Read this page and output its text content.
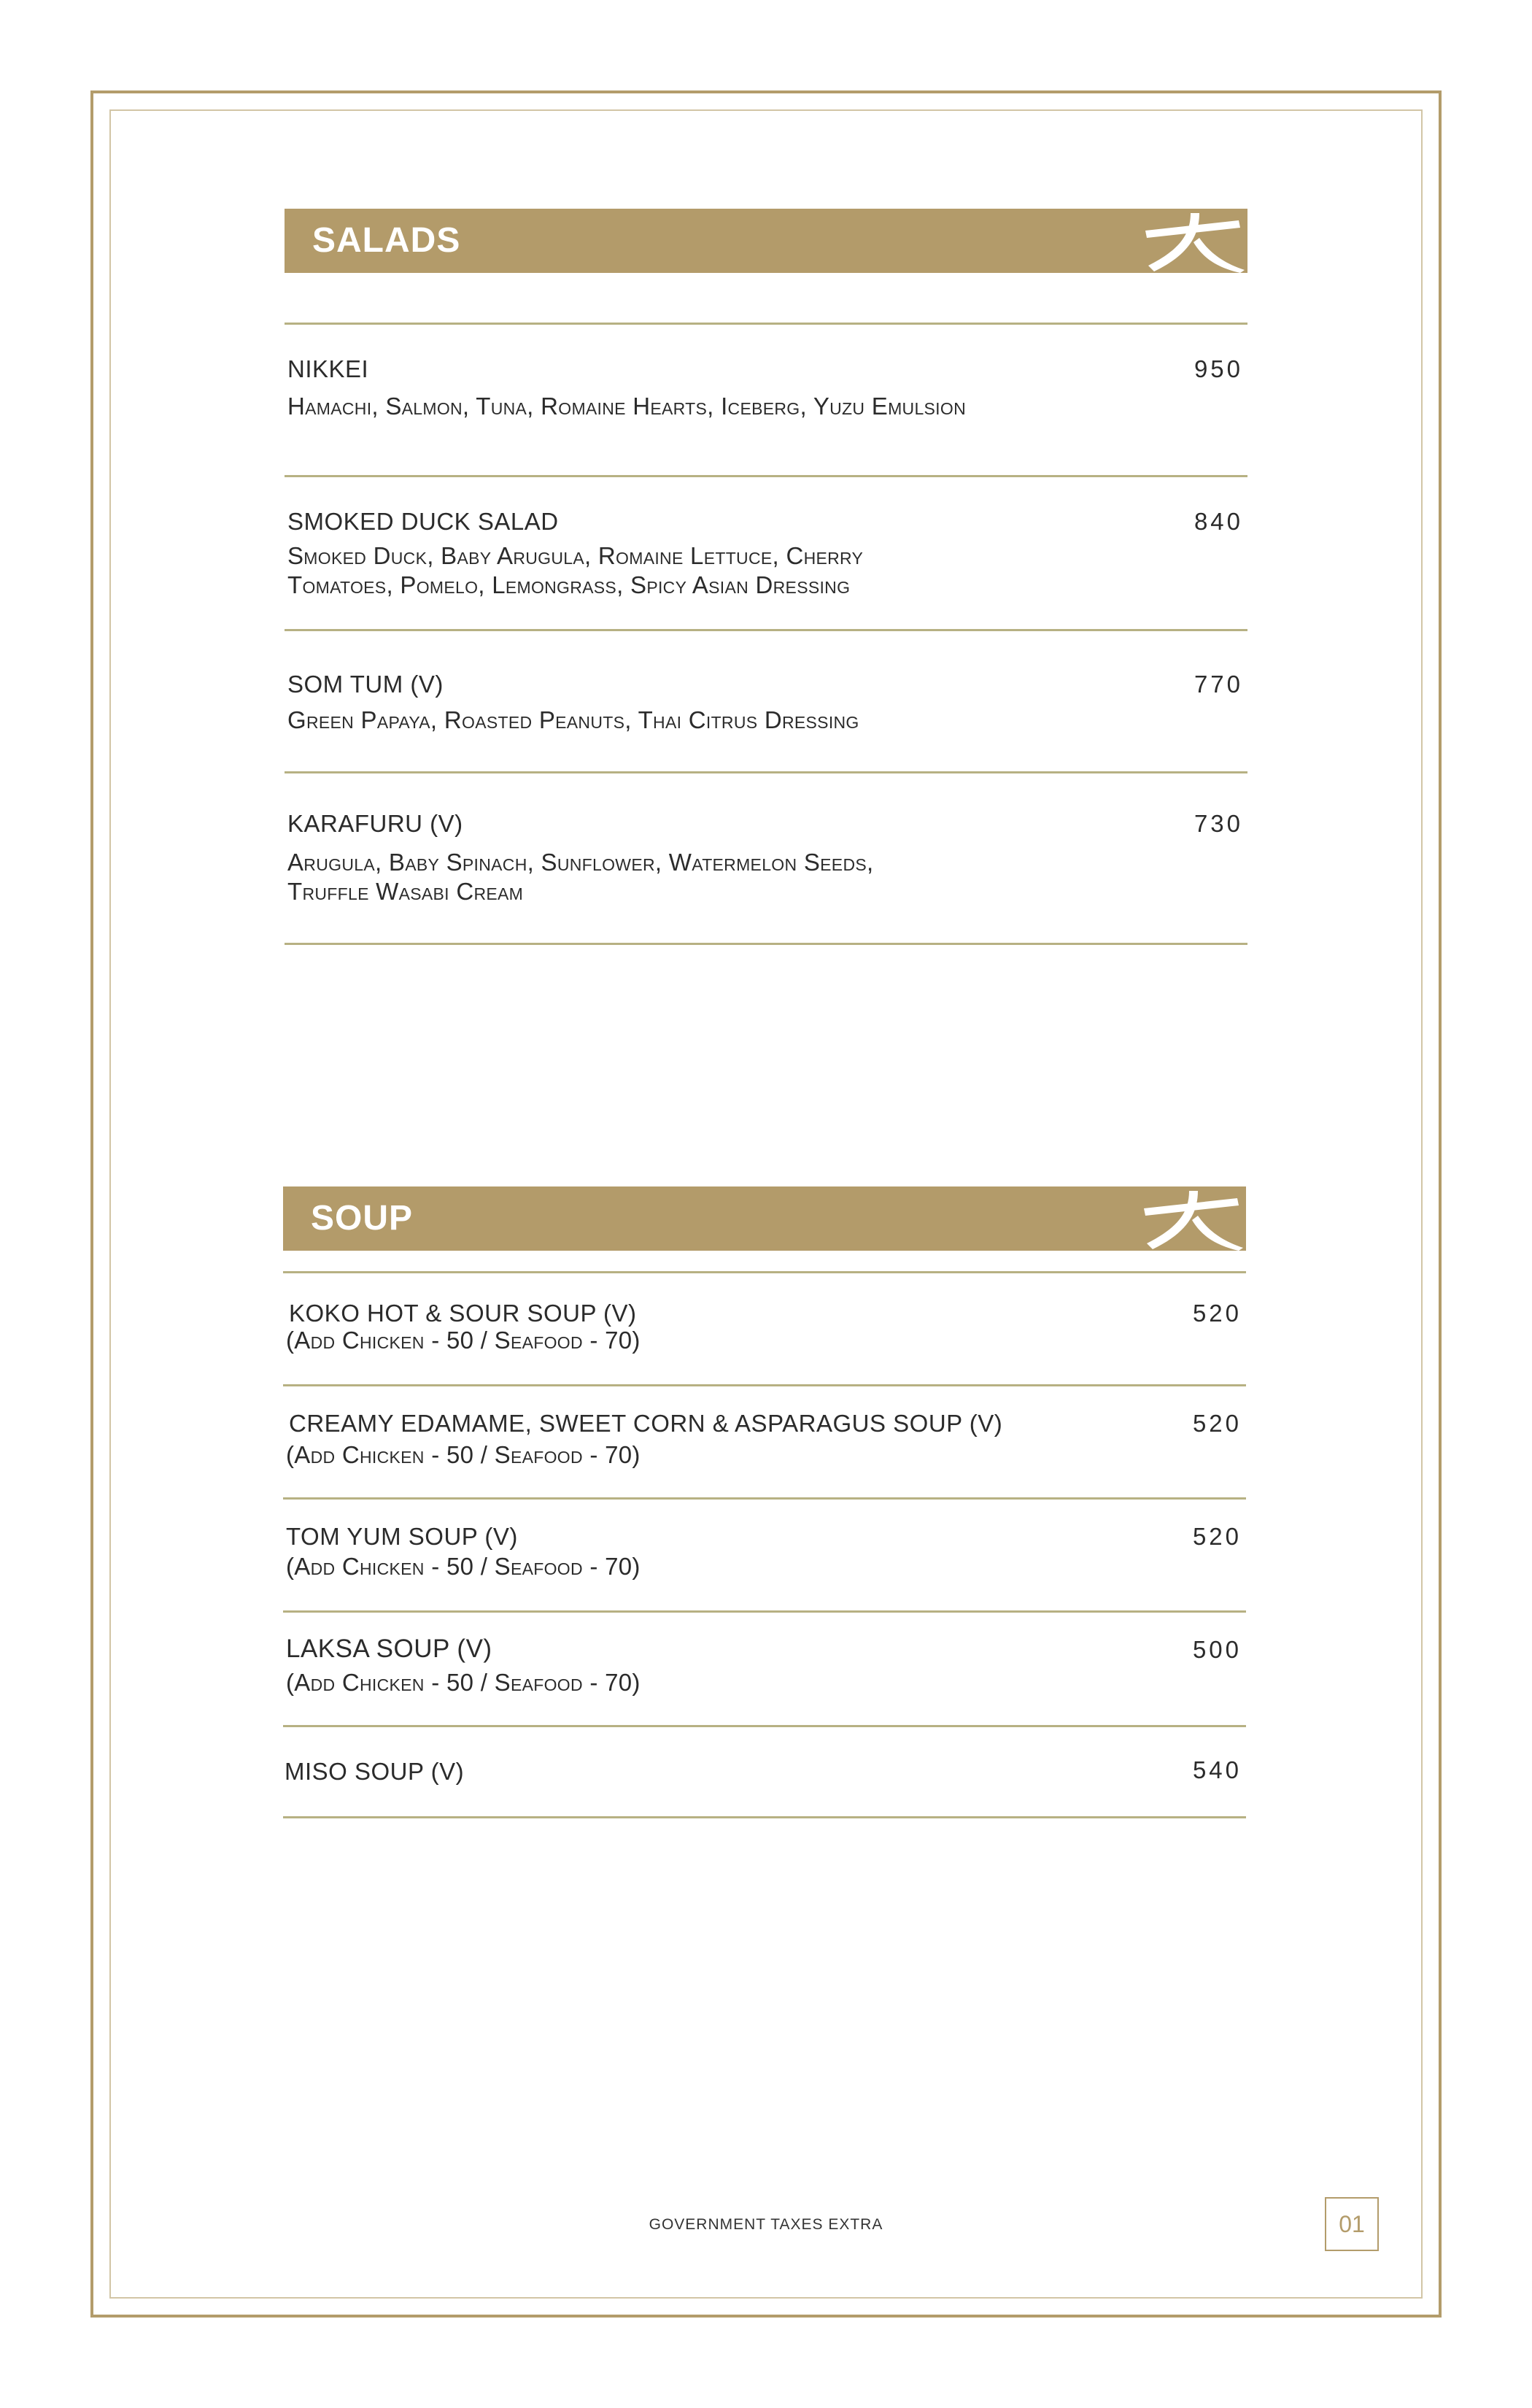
SALADS
NIKKEI	950
Hamachi, Salmon, Tuna, Romaine Hearts, Iceberg, Yuzu Emulsion
SMOKED DUCK SALAD	840
Smoked Duck, Baby Arugula, Romaine Lettuce, Cherry
Tomatoes, Pomelo, Lemongrass, Spicy Asian Dressing
SOM TUM (V)	770
Green Papaya, Roasted Peanuts, Thai Citrus Dressing
KARAFURU (V)	730
Arugula, Baby Spinach, Sunflower, Watermelon Seeds,
Truffle Wasabi Cream
SOUP
KOKO HOT & SOUR SOUP (V)	520
(Add Chicken - 50 / Seafood - 70)
CREAMY EDAMAME, SWEET CORN & ASPARAGUS SOUP (V)	520
(Add Chicken - 50 / Seafood - 70)
TOM YUM SOUP (V)	520
(Add Chicken - 50 / Seafood - 70)
LAKSA SOUP (V)	500
(Add Chicken - 50 / Seafood - 70)
MISO SOUP (V)	540
GOVERNMENT TAXES EXTRA	01
